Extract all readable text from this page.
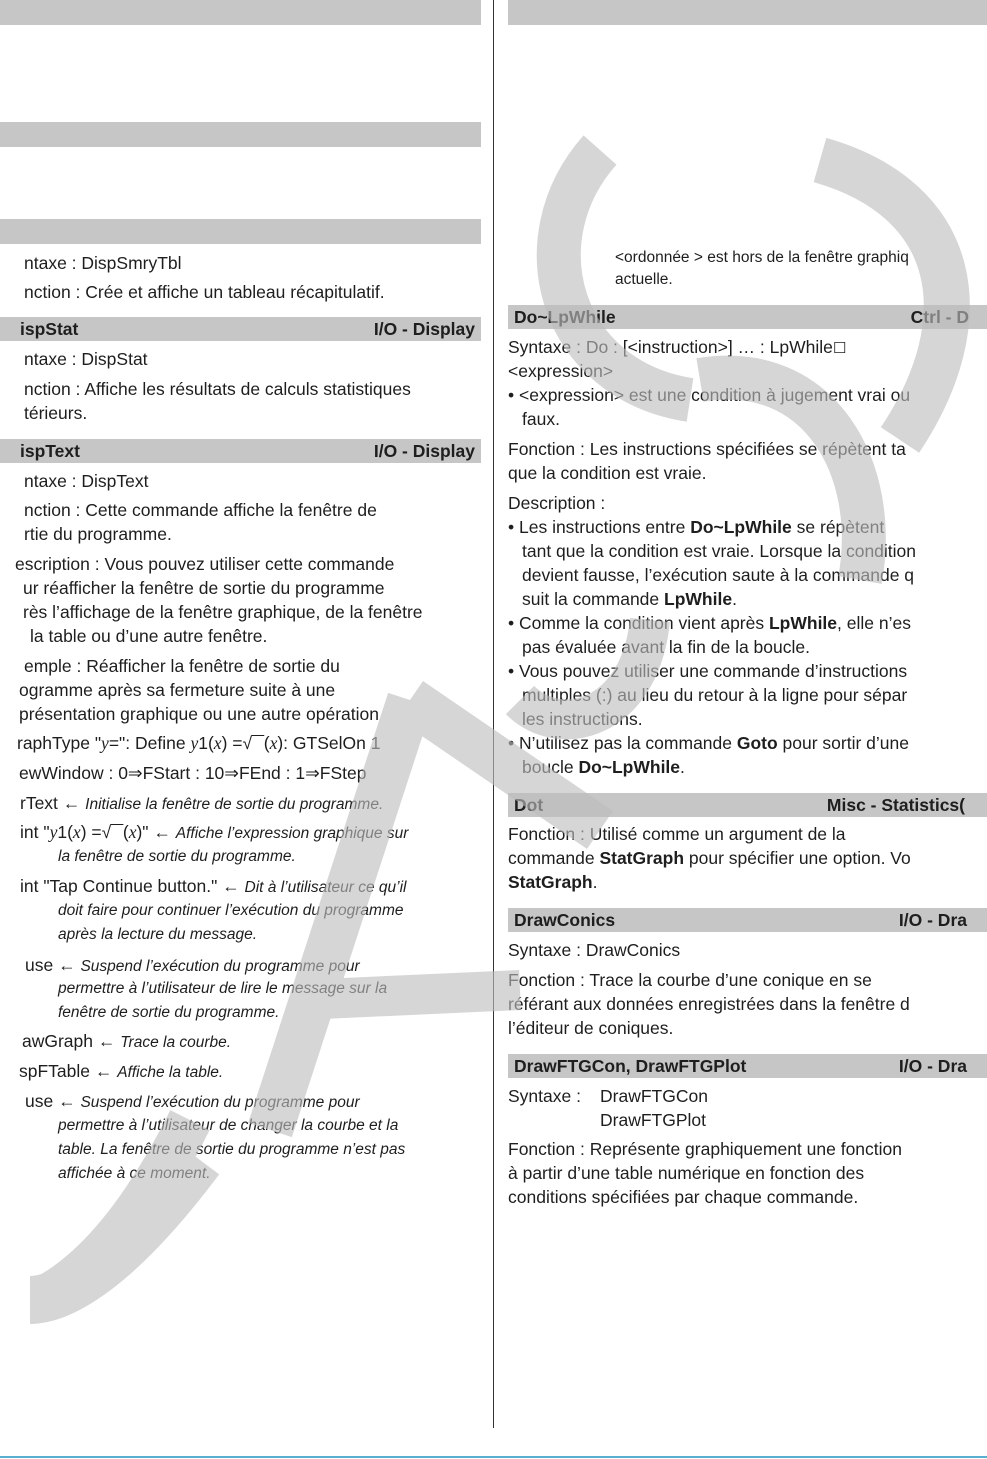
ntaxe : DispSmryTbl
nction : Crée et affiche un tableau récapitulatif.
ispStat	I/O - Display
ntaxe : DispStat
nction : Affiche les résultats de calculs statistiques
térieurs.
ispText	I/O - Display
ntaxe : DispText
nction : Cette commande affiche la fenêtre de
rtie du programme.
escription : Vous pouvez utiliser cette commande
ur réafficher la fenêtre de sortie du programme
rès l’affichage de la fenêtre graphique, de la fenêtre
la table ou d’une autre fenêtre.
emple : Réafficher la fenêtre de sortie du
ogramme après sa fermeture suite à une
présentation graphique ou une autre opération
raphType "y=": Define y1(x) =√‾‾(x): GTSelOn 1
ewWindow : 0⇒FStart : 10⇒FEnd : 1⇒FStep
rText ← Initialise la fenêtre de sortie du programme.
int "y1(x) =√‾‾(x)" ← Affiche l’expression graphique sur
la fenêtre de sortie du programme.
int "Tap Continue button." ← Dit à l’utilisateur ce qu’il
doit faire pour continuer l’exécution du programme
après la lecture du message.
use ← Suspend l’exécution du programme pour
permettre à l’utilisateur de lire le message sur la
fenêtre de sortie du programme.
awGraph ← Trace la courbe.
spFTable ← Affiche la table.
use ← Suspend l’exécution du programme pour
permettre à l’utilisateur de changer la courbe et la
table. La fenêtre de sortie du programme n’est pas
affichée à ce moment.
<ordonnée > est hors de la fenêtre graphiq
actuelle.
Do~LpWhile	Ctrl - D
Syntaxe : Do : [<instruction>] … : LpWhile☐
<expression>
• <expression> est une condition à jugement vrai ou
faux.
Fonction : Les instructions spécifiées se répètent ta
que la condition est vraie.
Description :
• Les instructions entre Do~LpWhile se répètent
tant que la condition est vraie. Lorsque la condition
devient fausse, l’exécution saute à la commande q
suit la commande LpWhile.
• Comme la condition vient après LpWhile, elle n’es
pas évaluée avant la fin de la boucle.
• Vous pouvez utiliser une commande d’instructions
multiples (:) au lieu du retour à la ligne pour sépar
les instructions.
• N’utilisez pas la commande Goto pour sortir d’une
boucle Do~LpWhile.
Dot	Misc - Statistics(
Fonction : Utilisé comme un argument de la
commande StatGraph pour spécifier une option. Vo
StatGraph.
DrawConics	I/O - Dra
Syntaxe : DrawConics
Fonction : Trace la courbe d’une conique en se
référant aux données enregistrées dans la fenêtre d
l’éditeur de coniques.
DrawFTGCon, DrawFTGPlot	I/O - Dra
Syntaxe : DrawFTGCon
DrawFTGPlot
Fonction : Représente graphiquement une fonction
à partir d’une table numérique en fonction des
conditions spécifiées par chaque commande.
